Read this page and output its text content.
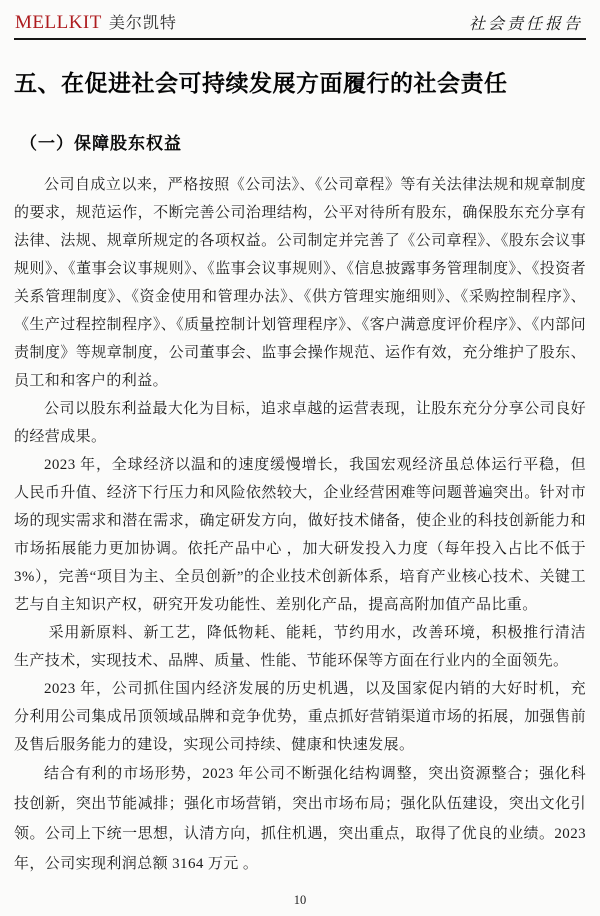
MELLKIT 美尔凯特	社会责任报告
五、在促进社会可持续发展方面履行的社会责任
（一）保障股东权益

公司自成立以来，严格按照《公司法》、《公司章程》等有关法律法规和规章制度的要求，规范运作，不断完善公司治理结构，公平对待所有股东，确保股东充分享有法律、法规、规章所规定的各项权益。公司制定并完善了《公司章程》、《股东会议事规则》、《董事会议事规则》、《监事会议事规则》、《信息披露事务管理制度》、《投资者关系管理制度》、《资金使用和管理办法》、《供方管理实施细则》、《采购控制程序》、《生产过程控制程序》、《质量控制计划管理程序》、《客户满意度评价程序》、《内部问责制度》等规章制度，公司董事会、监事会操作规范、运作有效，充分维护了股东、员工和和客户的利益。

公司以股东利益最大化为目标，追求卓越的运营表现，让股东充分分享公司良好的经营成果。

2023 年，全球经济以温和的速度缓慢增长，我国宏观经济虽总体运行平稳，但人民币升值、经济下行压力和风险依然较大，企业经营困难等问题普遍突出。针对市场的现实需求和潜在需求，确定研发方向，做好技术储备，使企业的科技创新能力和市场拓展能力更加协调。依托产品中心 ，加大研发投入力度（每年投入占比不低于 3%），完善“项目为主、全员创新”的企业技术创新体系，培育产业核心技术、关键工艺与自主知识产权，研究开发功能性、差别化产品，提高高附加值产品比重。

采用新原料、新工艺，降低物耗、能耗，节约用水，改善环境，积极推行清洁生产技术，实现技术、品牌、质量、性能、节能环保等方面在行业内的全面领先。

2023 年，公司抓住国内经济发展的历史机遇，以及国家促内销的大好时机，充分利用公司集成吊顶领域品牌和竞争优势，重点抓好营销渠道市场的拓展，加强售前及售后服务能力的建设，实现公司持续、健康和快速发展。

结合有利的市场形势，2023 年公司不断强化结构调整，突出资源整合；强化科技创新，突出节能减排；强化市场营销，突出市场布局；强化队伍建设，突出文化引领。公司上下统一思想，认清方向，抓住机遇，突出重点，取得了优良的业绩。2023 年，公司实现利润总额 3164 万元 。

10
